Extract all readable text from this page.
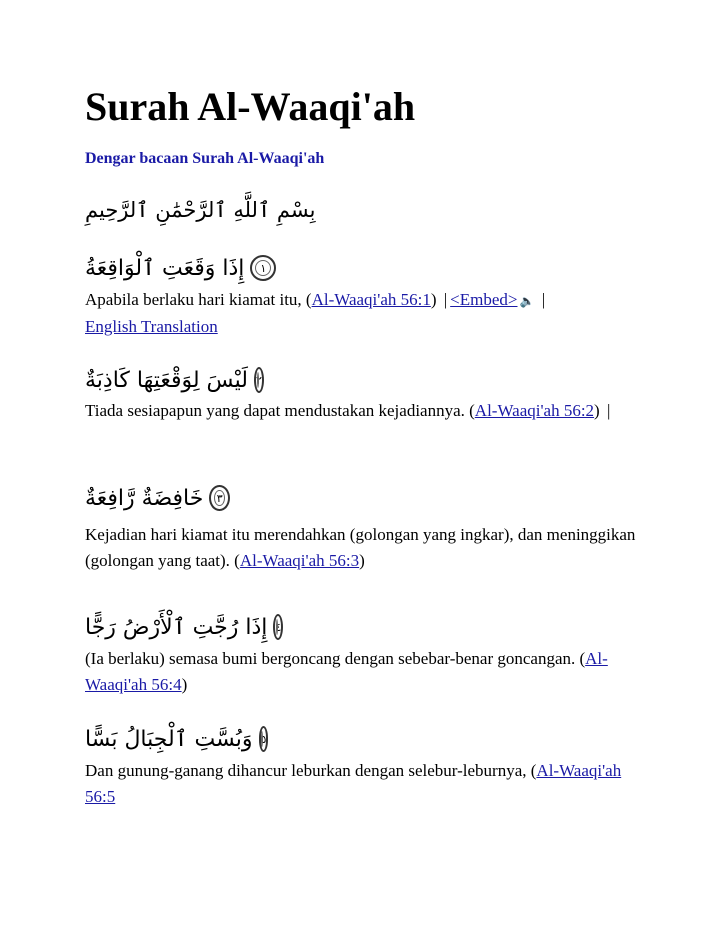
Surah Al-Waaqi'ah
Dengar bacaan Surah Al-Waaqi'ah
بِسْمِ ٱللَّهِ ٱلرَّحْمَٰنِ ٱلرَّحِيمِ
١
إِذَا وَقَعَتِ ٱلْوَاقِعَةُ
Apabila berlaku hari kiamat itu, (Al-Waaqi'ah 56:1) | <Embed> 🔈 |
English Translation
٢
لَيْسَ لِوَقْعَتِهَا كَاذِبَةٌ
Tiada sesiapapun yang dapat mendustakan kejadiannya. (Al-Waaqi'ah 56:2) |
٣
خَافِضَةٌ رَّافِعَةٌ
Kejadian hari kiamat itu merendahkan (golongan yang ingkar), dan meninggikan (golongan yang taat). (Al-Waaqi'ah 56:3)
٤
إِذَا رُجَّتِ ٱلْأَرْضُ رَجًّا
(Ia berlaku) semasa bumi bergoncang dengan sebebar-benar goncangan. (Al-Waaqi'ah 56:4)
٥
وَبُسَّتِ ٱلْجِبَالُ بَسًّا
Dan gunung-ganang dihancur leburkan dengan selebur-leburnya, (Al-Waaqi'ah 56:5
